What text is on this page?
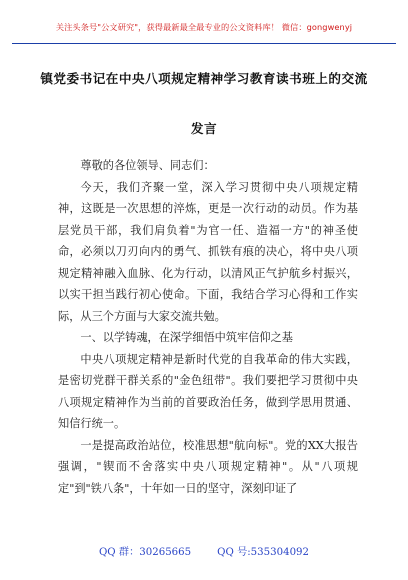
关注头条号"公文研究"，获得最新最全最专业的公文资料库！ 微信：gongwenyj
镇党委书记在中央八项规定精神学习教育读书班上的交流
发言

尊敬的各位领导、同志们：

今天，我们齐聚一堂，深入学习贯彻中央八项规定精神，这既是一次思想的淬炼，更是一次行动的动员。作为基层党员干部，我们肩负着"为官一任、造福一方"的神圣使命，必须以刀刃向内的勇气、抓铁有痕的决心，将中央八项规定精神融入血脉、化为行动，以清风正气护航乡村振兴，以实干担当践行初心使命。下面，我结合学习心得和工作实际，从三个方面与大家交流共勉。

一、以学铸魂，在深学细悟中筑牢信仰之基

中央八项规定精神是新时代党的自我革命的伟大实践，是密切党群干群关系的"金色纽带"。我们要把学习贯彻中央八项规定精神作为当前的首要政治任务，做到学思用贯通、知信行统一。

一是提高政治站位，校准思想"航向标"。党的XX大报告强调，"锲而不舍落实中央八项规定精神"。从"八项规定"到"铁八条"，十年如一日的坚守，深刻印证了

QQ 群：30265665	QQ 号:535304092
